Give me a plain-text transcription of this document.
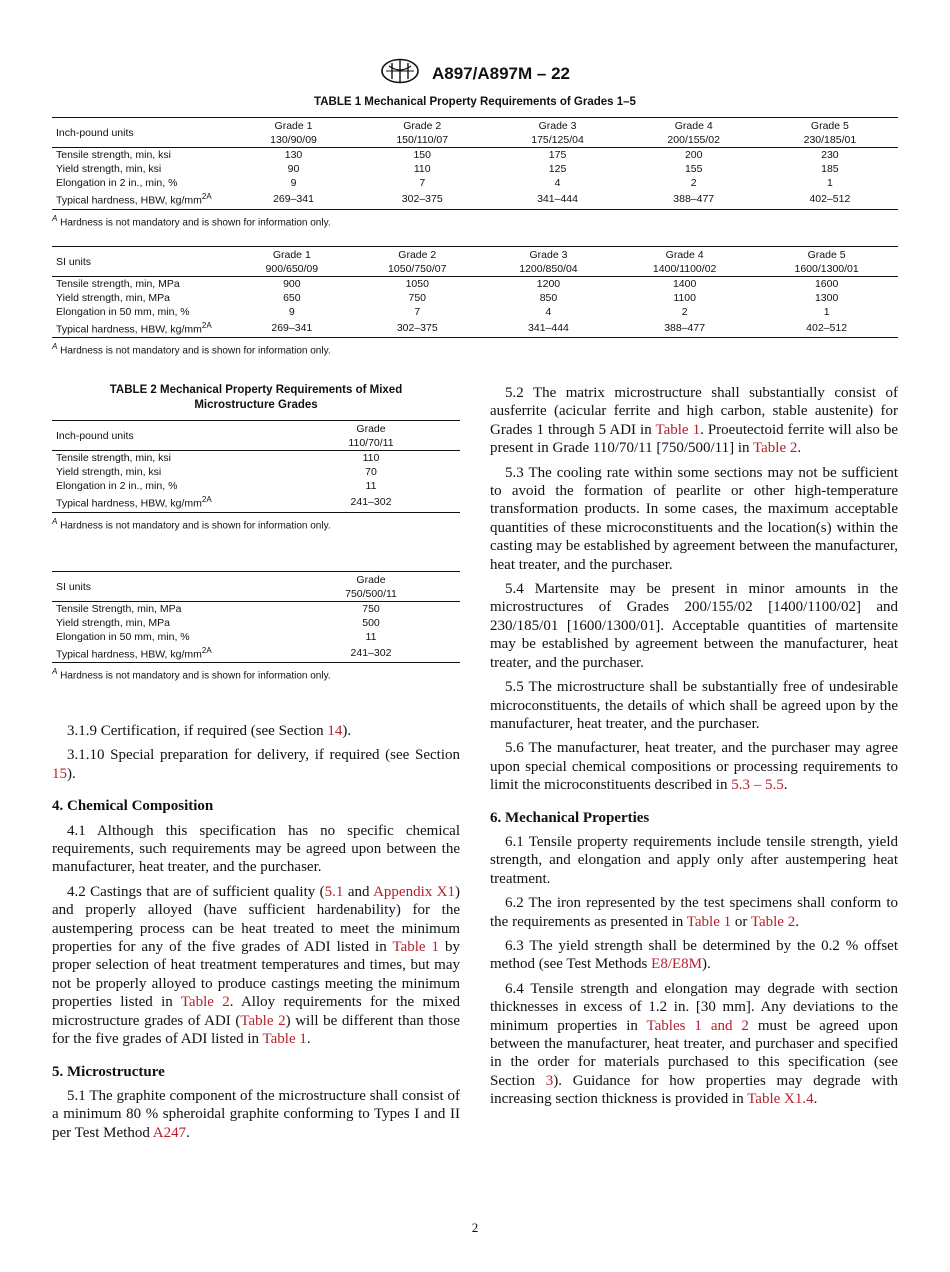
A897/A897M – 22
TABLE 1 Mechanical Property Requirements of Grades 1–5
Inch-pound units	Grade 1	Grade 2	Grade 3	Grade 4	Grade 5
	130/90/09	150/110/07	175/125/04	200/155/02	230/185/01
Tensile strength, min, ksi	130	150	175	200	230
Yield strength, min, ksi	90	110	125	155	185
Elongation in 2 in., min, %	9	7	4	2	1
Typical hardness, HBW, $kg/mm^{2A}$	269–341	302–375	341–444	388–477	402–512
$^A$ Hardness is not mandatory and is shown for information only.
SI units	Grade 1	Grade 2	Grade 3	Grade 4	Grade 5
	900/650/09	1050/750/07	1200/850/04	1400/1100/02	1600/1300/01
Tensile strength, min, MPa	900	1050	1200	1400	1600
Yield strength, min, MPa	650	750	850	1100	1300
Elongation in 50 mm, min, %	9	7	4	2	1
Typical hardness, HBW, $kg/mm^{2A}$	269–341	302–375	341–444	388–477	402–512
$^A$ Hardness is not mandatory and is shown for information only.
TABLE 2 Mechanical Property Requirements of Mixed
Microstructure Grades
Inch-pound units	Grade
	110/70/11
Tensile strength, min, ksi	110
Yield strength, min, ksi	70
Elongation in 2 in., min, %	11
Typical hardness, HBW, $kg/mm^{2A}$	241–302
$^A$ Hardness is not mandatory and is shown for information only.
SI units	Grade
	750/500/11
Tensile Strength, min, MPa	750
Yield strength, min, MPa	500
Elongation in 50 mm, min, %	11
Typical hardness, HBW, $kg/mm^{2A}$	241–302
$^A$ Hardness is not mandatory and is shown for information only.

3.1.9 Certification, if required (see Section 14).

3.1.10 Special preparation for delivery, if required (see Section 15).

4. Chemical Composition

4.1 Although this specification has no specific chemical requirements, such requirements may be agreed upon between the manufacturer, heat treater, and the purchaser.

4.2 Castings that are of sufficient quality (5.1 and Appendix X1) and properly alloyed (have sufficient hardenability) for the austempering process can be heat treated to meet the minimum properties for any of the five grades of ADI listed in Table 1 by proper selection of heat treatment temperatures and times, but may not be properly alloyed to produce castings meeting the minimum properties listed in Table 2. Alloy requirements for the mixed microstructure grades of ADI (Table 2) will be different than those for the five grades of ADI listed in Table 1.

5. Microstructure

5.1 The graphite component of the microstructure shall consist of a minimum 80 % spheroidal graphite conforming to Types I and II per Test Method A247.

5.2 The matrix microstructure shall substantially consist of ausferrite (acicular ferrite and high carbon, stable austenite) for Grades 1 through 5 ADI in Table 1. Proeutectoid ferrite will also be present in Grade 110/70/11 [750/500/11] in Table 2.

5.3 The cooling rate within some sections may not be sufficient to avoid the formation of pearlite or other high-temperature transformation products. In some cases, the maximum acceptable quantities of these microconstituents and the location(s) within the casting may be established by agreement between the manufacturer, heat treater, and the purchaser.

5.4 Martensite may be present in minor amounts in the microstructures of Grades 200/155/02 [1400/1100/02] and 230/185/01 [1600/1300/01]. Acceptable quantities of martensite may be established by agreement between the manufacturer, heat treater, and the purchaser.

5.5 The microstructure shall be substantially free of undesirable microconstituents, the details of which shall be agreed upon by the manufacturer, heat treater, and the purchaser.

5.6 The manufacturer, heat treater, and the purchaser may agree upon special chemical compositions or processing requirements to limit the microconstituents described in 5.3 – 5.5.

6. Mechanical Properties

6.1 Tensile property requirements include tensile strength, yield strength, and elongation and apply only after austempering heat treatment.

6.2 The iron represented by the test specimens shall conform to the requirements as presented in Table 1 or Table 2.

6.3 The yield strength shall be determined by the 0.2 % offset method (see Test Methods E8/E8M).

6.4 Tensile strength and elongation may degrade with section thicknesses in excess of 1.2 in. [30 mm]. Any deviations to the minimum properties in Tables 1 and 2 must be agreed upon between the manufacturer, heat treater, and purchaser and specified in the order for materials purchased to this specification (see Section 3). Guidance for how properties may degrade with increasing section thickness is provided in Table X1.4.

2
